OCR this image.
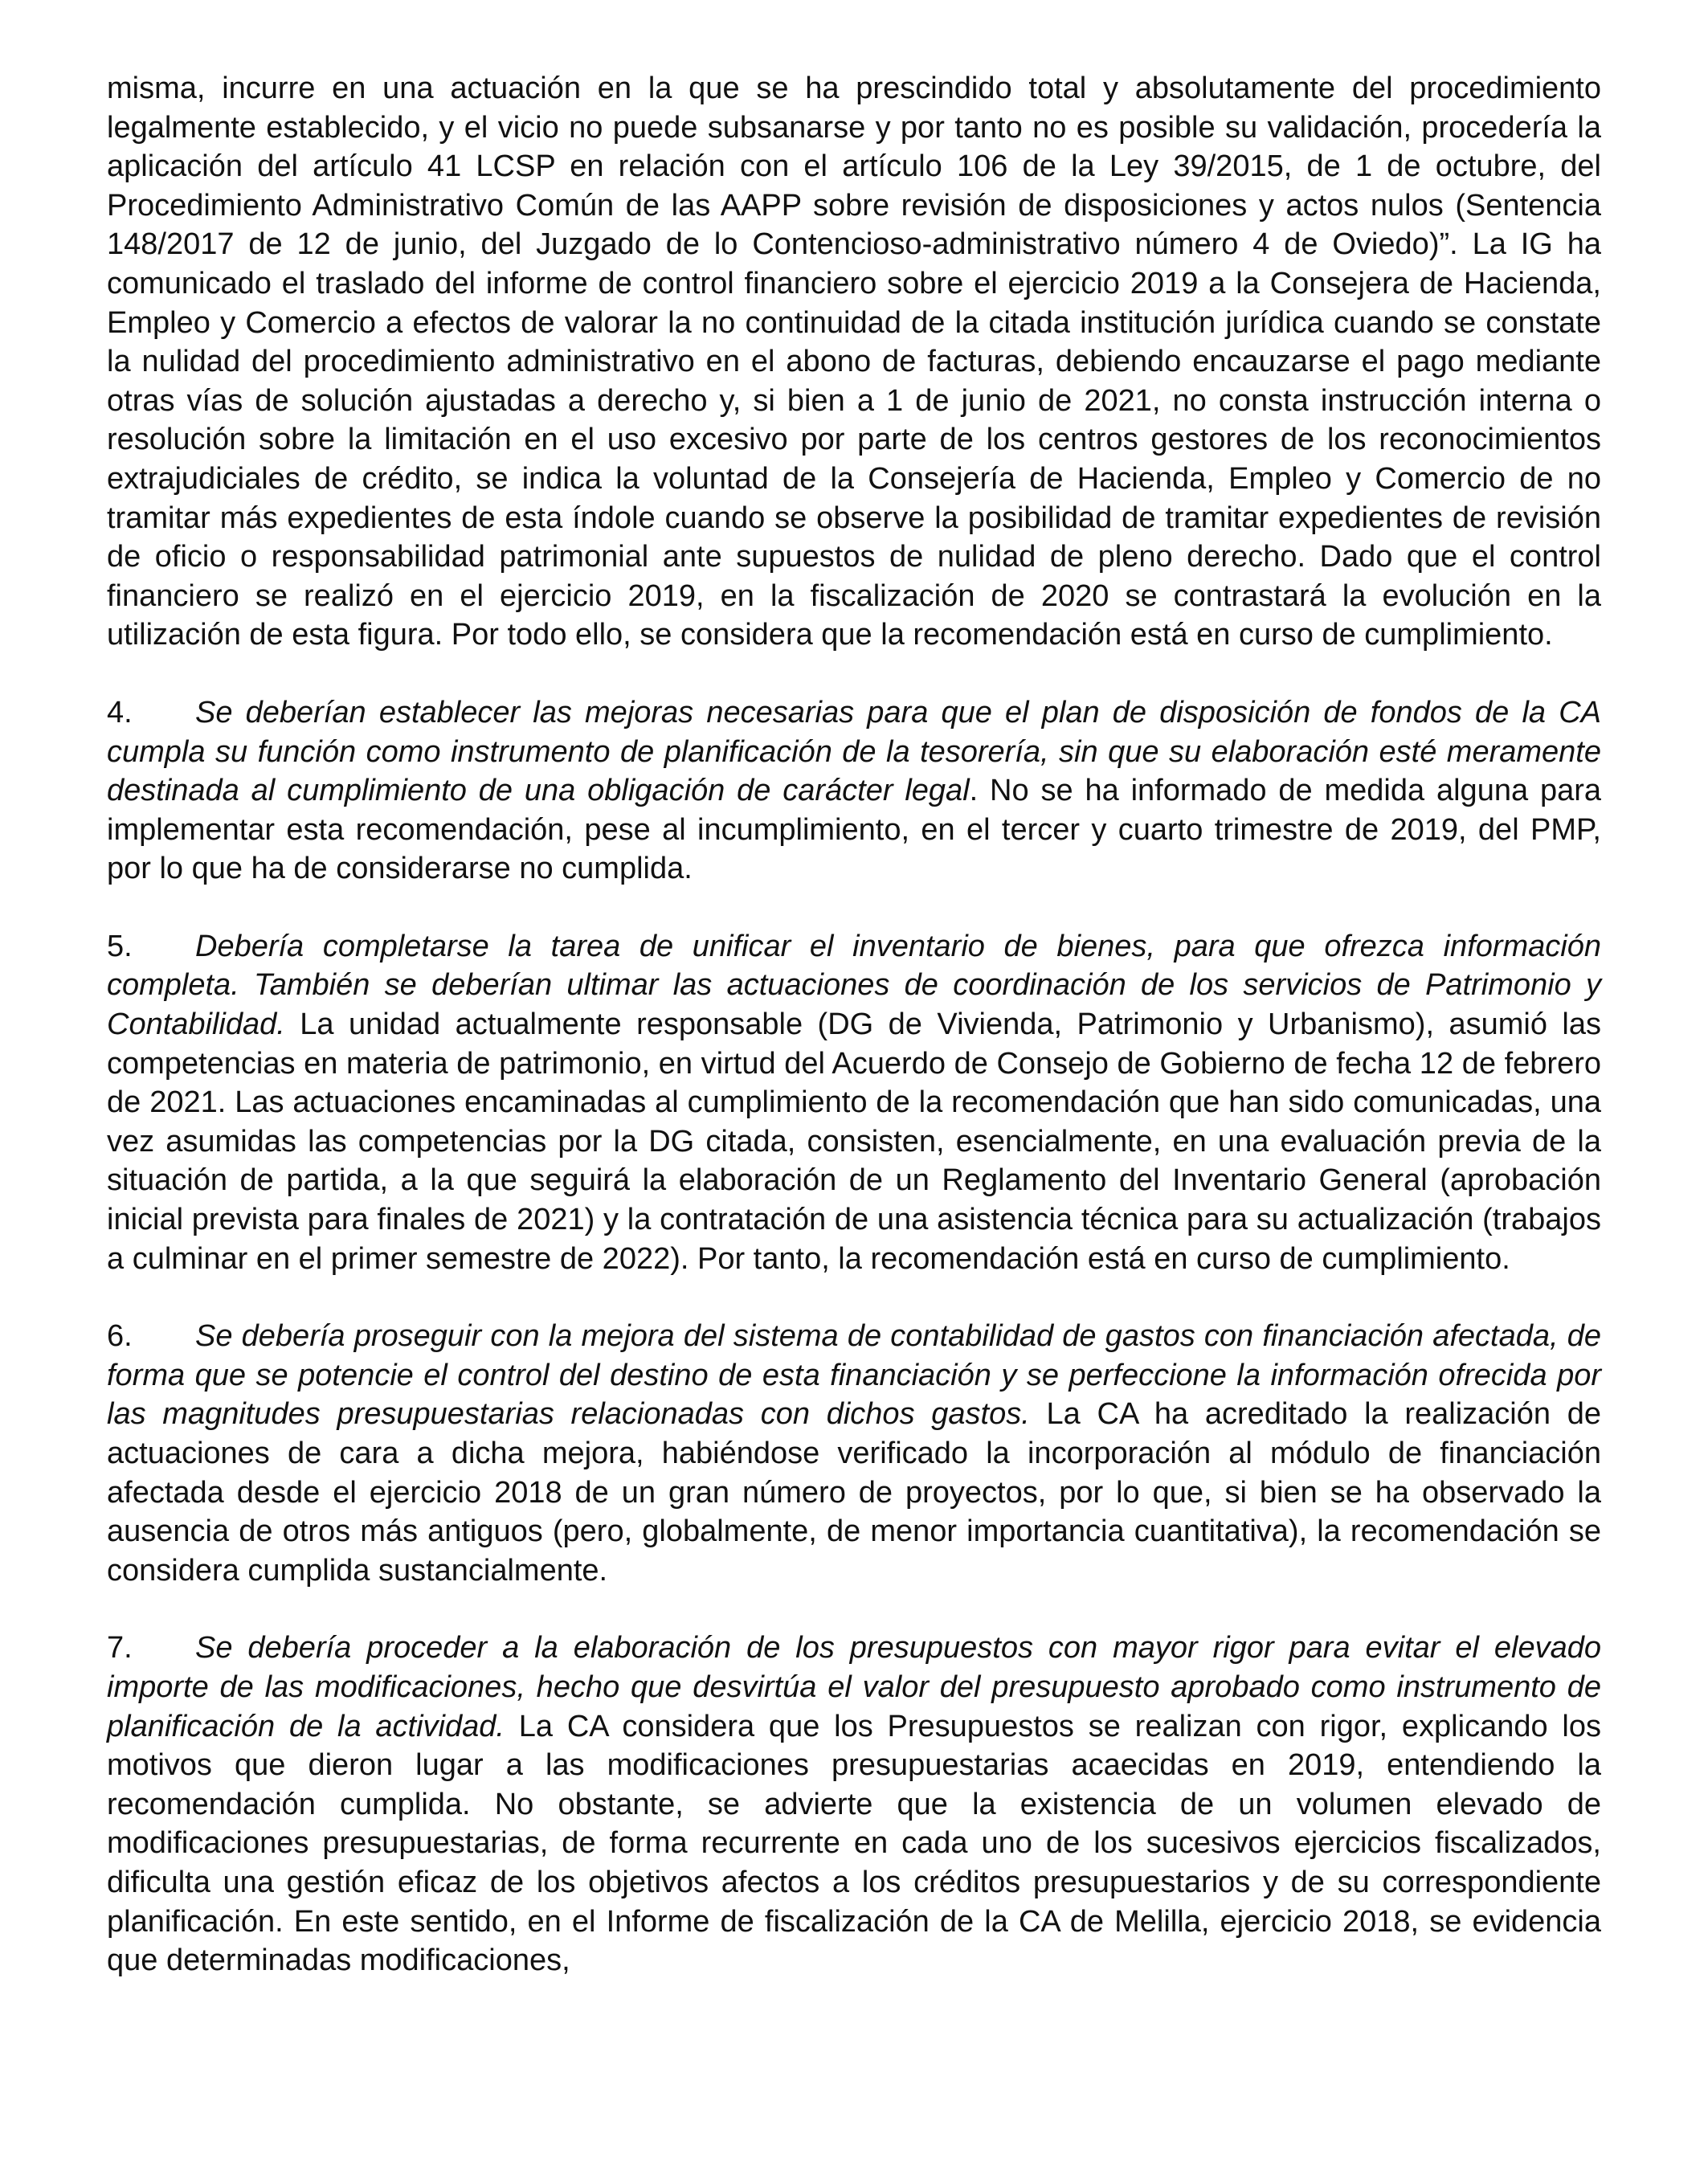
misma, incurre en una actuación en la que se ha prescindido total y absolutamente del procedimiento legalmente establecido, y el vicio no puede subsanarse y por tanto no es posible su validación, procedería la aplicación del artículo 41 LCSP en relación con el artículo 106 de la Ley 39/2015, de 1 de octubre, del Procedimiento Administrativo Común de las AAPP sobre revisión de disposiciones y actos nulos (Sentencia 148/2017 de 12 de junio, del Juzgado de lo Contencioso-administrativo número 4 de Oviedo)”. La IG ha comunicado el traslado del informe de control financiero sobre el ejercicio 2019 a la Consejera de Hacienda, Empleo y Comercio a efectos de valorar la no continuidad de la citada institución jurídica cuando se constate la nulidad del procedimiento administrativo en el abono de facturas, debiendo encauzarse el pago mediante otras vías de solución ajustadas a derecho y, si bien a 1 de junio de 2021, no consta instrucción interna o resolución sobre la limitación en el uso excesivo por parte de los centros gestores de los reconocimientos extrajudiciales de crédito, se indica la voluntad de la Consejería de Hacienda, Empleo y Comercio de no tramitar más expedientes de esta índole cuando se observe la posibilidad de tramitar expedientes de revisión de oficio o responsabilidad patrimonial ante supuestos de nulidad de pleno derecho. Dado que el control financiero se realizó en el ejercicio 2019, en la fiscalización de 2020 se contrastará la evolución en la utilización de esta figura. Por todo ello, se considera que la recomendación está en curso de cumplimiento.

4. Se deberían establecer las mejoras necesarias para que el plan de disposición de fondos de la CA cumpla su función como instrumento de planificación de la tesorería, sin que su elaboración esté meramente destinada al cumplimiento de una obligación de carácter legal. No se ha informado de medida alguna para implementar esta recomendación, pese al incumplimiento, en el tercer y cuarto trimestre de 2019, del PMP, por lo que ha de considerarse no cumplida.

5. Debería completarse la tarea de unificar el inventario de bienes, para que ofrezca información completa. También se deberían ultimar las actuaciones de coordinación de los servicios de Patrimonio y Contabilidad. La unidad actualmente responsable (DG de Vivienda, Patrimonio y Urbanismo), asumió las competencias en materia de patrimonio, en virtud del Acuerdo de Consejo de Gobierno de fecha 12 de febrero de 2021. Las actuaciones encaminadas al cumplimiento de la recomendación que han sido comunicadas, una vez asumidas las competencias por la DG citada, consisten, esencialmente, en una evaluación previa de la situación de partida, a la que seguirá la elaboración de un Reglamento del Inventario General (aprobación inicial prevista para finales de 2021) y la contratación de una asistencia técnica para su actualización (trabajos a culminar en el primer semestre de 2022). Por tanto, la recomendación está en curso de cumplimiento.

6. Se debería proseguir con la mejora del sistema de contabilidad de gastos con financiación afectada, de forma que se potencie el control del destino de esta financiación y se perfeccione la información ofrecida por las magnitudes presupuestarias relacionadas con dichos gastos. La CA ha acreditado la realización de actuaciones de cara a dicha mejora, habiéndose verificado la incorporación al módulo de financiación afectada desde el ejercicio 2018 de un gran número de proyectos, por lo que, si bien se ha observado la ausencia de otros más antiguos (pero, globalmente, de menor importancia cuantitativa), la recomendación se considera cumplida sustancialmente.

7. Se debería proceder a la elaboración de los presupuestos con mayor rigor para evitar el elevado importe de las modificaciones, hecho que desvirtúa el valor del presupuesto aprobado como instrumento de planificación de la actividad. La CA considera que los Presupuestos se realizan con rigor, explicando los motivos que dieron lugar a las modificaciones presupuestarias acaecidas en 2019, entendiendo la recomendación cumplida. No obstante, se advierte que la existencia de un volumen elevado de modificaciones presupuestarias, de forma recurrente en cada uno de los sucesivos ejercicios fiscalizados, dificulta una gestión eficaz de los objetivos afectos a los créditos presupuestarios y de su correspondiente planificación. En este sentido, en el Informe de fiscalización de la CA de Melilla, ejercicio 2018, se evidencia que determinadas modificaciones,
